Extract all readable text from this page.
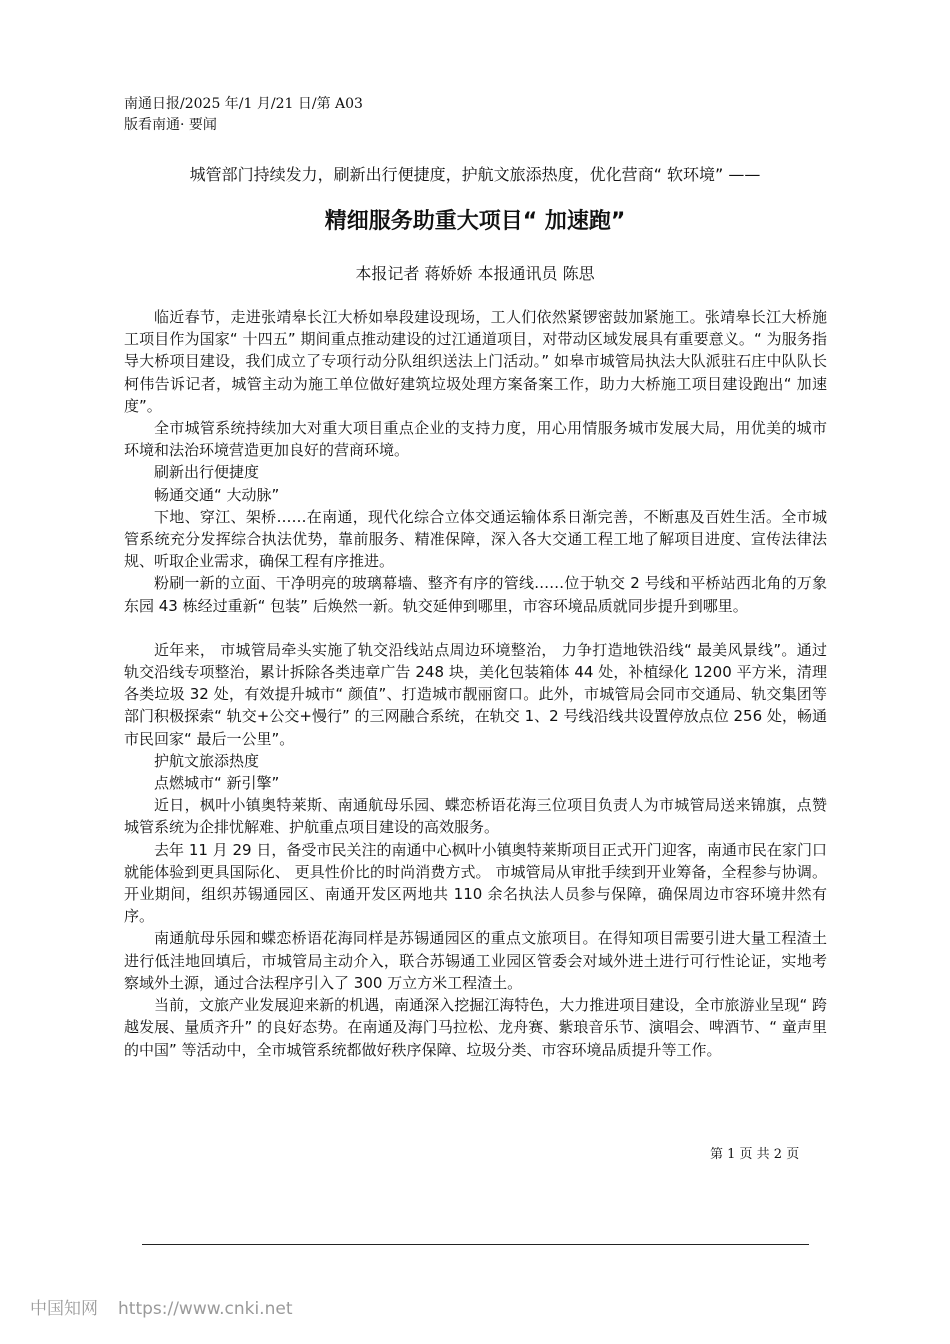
南通日报/2025 年/1 月/21 日/第 A03
版看南通· 要闻
城管部门持续发力，刷新出行便捷度，护航文旅添热度，优化营商“ 软环境” ——
精细服务助重大项目“ 加速跑”
本报记者 蒋娇娇 本报通讯员 陈思

临近春节，走进张靖皋长江大桥如皋段建设现场，工人们依然紧锣密鼓加紧施工。张靖皋长江大桥施工项目作为国家“ 十四五” 期间重点推动建设的过江通道项目，对带动区域发展具有重要意义。“ 为服务指导大桥项目建设，我们成立了专项行动分队组织送法上门活动。” 如皋市城管局执法大队派驻石庄中队队长柯伟告诉记者，城管主动为施工单位做好建筑垃圾处理方案备案工作，助力大桥施工项目建设跑出“ 加速度”。

全市城管系统持续加大对重大项目重点企业的支持力度，用心用情服务城市发展大局，用优美的城市环境和法治环境营造更加良好的营商环境。

刷新出行便捷度

畅通交通“ 大动脉”

下地、穿江、架桥……在南通，现代化综合立体交通运输体系日渐完善，不断惠及百姓生活。全市城管系统充分发挥综合执法优势，靠前服务、精准保障，深入各大交通工程工地了解项目进度、宣传法律法规、听取企业需求，确保工程有序推进。

粉刷一新的立面、干净明亮的玻璃幕墙、整齐有序的管线……位于轨交 2 号线和平桥站西北角的万象东园 43 栋经过重新“ 包装” 后焕然一新。轨交延伸到哪里，市容环境品质就同步提升到哪里。

近年来， 市城管局牵头实施了轨交沿线站点周边环境整治， 力争打造地铁沿线“ 最美风景线”。通过轨交沿线专项整治，累计拆除各类违章广告 248 块，美化包装箱体 44 处，补植绿化 1200 平方米，清理各类垃圾 32 处，有效提升城市“ 颜值”、打造城市靓丽窗口。此外，市城管局会同市交通局、轨交集团等部门积极探索“ 轨交+公交+慢行” 的三网融合系统，在轨交 1、2 号线沿线共设置停放点位 256 处，畅通市民回家“ 最后一公里”。

护航文旅添热度

点燃城市“ 新引擎”

近日，枫叶小镇奥特莱斯、南通航母乐园、蝶恋桥语花海三位项目负责人为市城管局送来锦旗，点赞城管系统为企排忧解难、护航重点项目建设的高效服务。

去年 11 月 29 日，备受市民关注的南通中心枫叶小镇奥特莱斯项目正式开门迎客，南通市民在家门口就能体验到更具国际化、 更具性价比的时尚消费方式。 市城管局从审批手续到开业筹备，全程参与协调。开业期间，组织苏锡通园区、南通开发区两地共 110 余名执法人员参与保障，确保周边市容环境井然有序。

南通航母乐园和蝶恋桥语花海同样是苏锡通园区的重点文旅项目。在得知项目需要引进大量工程渣土进行低洼地回填后，市城管局主动介入，联合苏锡通工业园区管委会对域外进土进行可行性论证，实地考察域外土源，通过合法程序引入了 300 万立方米工程渣土。

当前，文旅产业发展迎来新的机遇，南通深入挖掘江海特色，大力推进项目建设，全市旅游业呈现“ 跨越发展、量质齐升” 的良好态势。在南通及海门马拉松、龙舟赛、紫琅音乐节、演唱会、啤酒节、“ 童声里的中国” 等活动中，全市城管系统都做好秩序保障、垃圾分类、市容环境品质提升等工作。

第 1 页 共 2 页
中国知网 https://www.cnki.net
